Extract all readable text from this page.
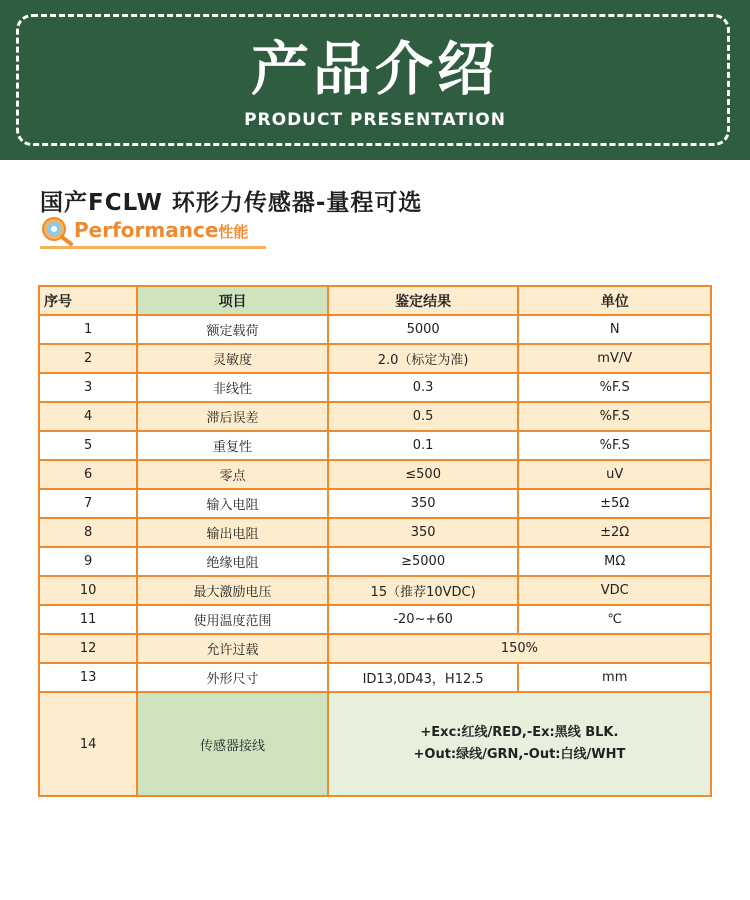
产品介绍
PRODUCT PRESENTATION
国产FCLW 环形力传感器-量程可选
Performance性能
序号	项目	鉴定结果	单位
1	额定载荷	5000	N
2	灵敏度	2.0（标定为准)	mV/V
3	非线性	0.3	%F.S
4	滞后误差	0.5	%F.S
5	重复性	0.1	%F.S
6	零点	≤500	uV
7	输入电阻	350	±5Ω
8	输出电阻	350	±2Ω
9	绝缘电阻	≥5000	MΩ
10	最大激励电压	15（推荐10VDC)	VDC
11	使用温度范围	-20~+60	℃
12	允许过载	150%	
13	外形尺寸	ID13,0D43，H12.5	mm
14	传感器接线	+Exc:红线/RED,-Ex:黑线 BLK.
+Out:绿线/GRN,-Out:白线/WHT	
